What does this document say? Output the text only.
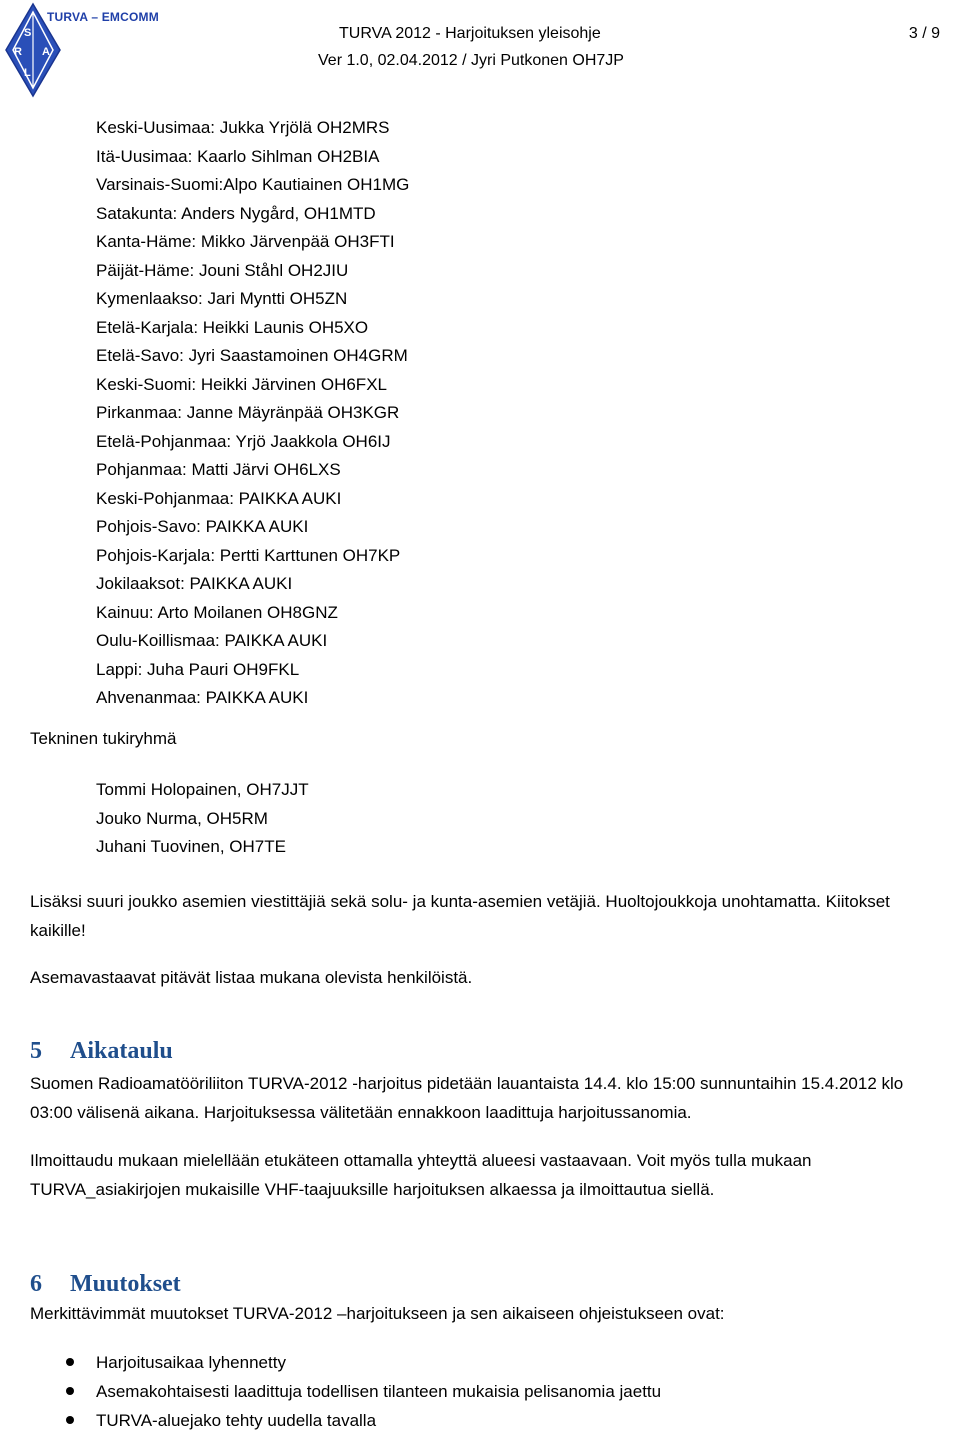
S
R A
L
TURVA – EMCOMM
TURVA 2012 - Harjoituksen yleisohje
Ver 1.0, 02.04.2012 / Jyri Putkonen OH7JP
3 / 9
Keski-Uusimaa: Jukka Yrjölä OH2MRS
Itä-Uusimaa: Kaarlo Sihlman OH2BIA
Varsinais-Suomi:Alpo Kautiainen OH1MG
Satakunta: Anders Nygård, OH1MTD
Kanta-Häme: Mikko Järvenpää OH3FTI
Päijät-Häme: Jouni Ståhl OH2JIU
Kymenlaakso: Jari Myntti OH5ZN
Etelä-Karjala: Heikki Launis OH5XO
Etelä-Savo: Jyri Saastamoinen OH4GRM
Keski-Suomi: Heikki Järvinen OH6FXL
Pirkanmaa: Janne Mäyränpää OH3KGR
Etelä-Pohjanmaa: Yrjö Jaakkola OH6IJ
Pohjanmaa: Matti Järvi OH6LXS
Keski-Pohjanmaa: PAIKKA AUKI
Pohjois-Savo: PAIKKA AUKI
Pohjois-Karjala: Pertti Karttunen OH7KP
Jokilaaksot: PAIKKA AUKI
Kainuu: Arto Moilanen OH8GNZ
Oulu-Koillismaa: PAIKKA AUKI
Lappi: Juha Pauri OH9FKL
Ahvenanmaa: PAIKKA AUKI
Tekninen tukiryhmä
Tommi Holopainen, OH7JJT
Jouko Nurma, OH5RM
Juhani Tuovinen, OH7TE
Lisäksi suuri joukko asemien viestittäjiä sekä solu- ja kunta-asemien vetäjiä. Huoltojoukkoja unohtamatta. Kiitokset kaikille!
Asemavastaavat pitävät listaa mukana olevista henkilöistä.
5 Aikataulu
Suomen Radioamatööriliiton TURVA-2012 -harjoitus pidetään lauantaista 14.4. klo 15:00 sunnuntaihin 15.4.2012 klo 03:00 välisenä aikana. Harjoituksessa välitetään ennakkoon laadittuja harjoitussanomia.
Ilmoittaudu mukaan mielellään etukäteen ottamalla yhteyttä alueesi vastaavaan. Voit myös tulla mukaan TURVA_asiakirjojen mukaisille VHF-taajuuksille harjoituksen alkaessa ja ilmoittautua siellä.
6 Muutokset
Merkittävimmät muutokset TURVA-2012 –harjoitukseen ja sen aikaiseen ohjeistukseen ovat:
Harjoitusaikaa lyhennetty
Asemakohtaisesti laadittuja todellisen tilanteen mukaisia pelisanomia jaettu
TURVA-aluejako tehty uudella tavalla
